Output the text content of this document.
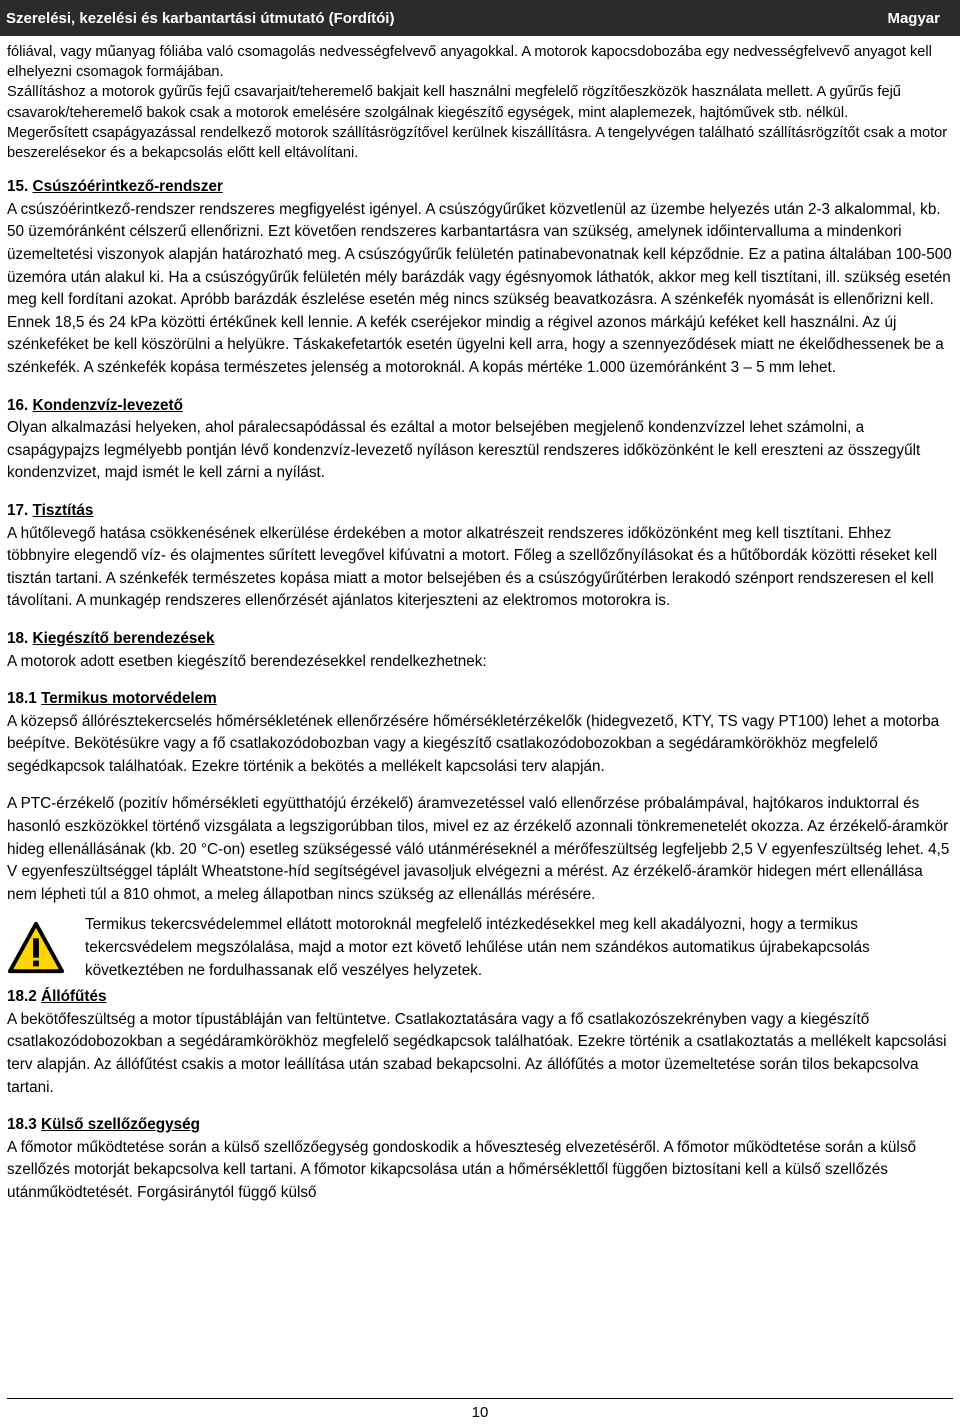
Szerelési, kezelési és karbantartási útmutató (Fordítói)	Magyar
fóliával, vagy műanyag fóliába való csomagolás nedvességfelvevő anyagokkal. A motorok kapocsdobozába egy nedvességfelvevő anyagot kell elhelyezni csomagok formájában.
Szállításhoz a motorok gyűrűs fejű csavarjait/teheremelő bakjait kell használni megfelelő rögzítőeszközök használata mellett. A gyűrűs fejű csavarok/teheremelő bakok csak a motorok emelésére szolgálnak kiegészítő egységek, mint alaplemezek, hajtóművek stb. nélkül.
Megerősített csapágyazással rendelkező motorok szállításrögzítővel kerülnek kiszállításra. A tengelyvégen található szállításrögzítőt csak a motor beszerelésekor és a bekapcsolás előtt kell eltávolítani.
15. Csúszóérintkező-rendszer
A csúszóérintkező-rendszer rendszeres megfigyelést igényel. A csúszógyűrűket közvetlenül az üzembe helyezés után 2-3 alkalommal, kb. 50 üzemóránként célszerű ellenőrizni. Ezt követően rendszeres karbantartásra van szükség, amelynek időintervalluma a mindenkori üzemeltetési viszonyok alapján határozható meg. A csúszógyűrűk felületén patinabevonatnak kell képződnie. Ez a patina általában 100-500 üzemóra után alakul ki. Ha a csúszógyűrűk felületén mély barázdák vagy égésnyomok láthatók, akkor meg kell tisztítani, ill. szükség esetén meg kell fordítani azokat. Apróbb barázdák észlelése esetén még nincs szükség beavatkozásra. A szénkefék nyomását is ellenőrizni kell. Ennek 18,5 és 24 kPa közötti értékűnek kell lennie. A kefék cseréjekor mindig a régivel azonos márkájú keféket kell használni. Az új szénkeféket be kell köszörülni a helyükre. Táskakefetartók esetén ügyelni kell arra, hogy a szennyeződések miatt ne ékelődhessenek be a szénkefék. A szénkefék kopása természetes jelenség a motoroknál. A kopás mértéke 1.000 üzemóránként 3 – 5 mm lehet.
16. Kondenzvíz-levezető
Olyan alkalmazási helyeken, ahol páralecsapódással és ezáltal a motor belsejében megjelenő kondenzvízzel lehet számolni, a csapágypajzs legmélyebb pontján lévő kondenzvíz-levezető nyíláson keresztül rendszeres időközönként le kell ereszteni az összegyűlt kondenzvizet, majd ismét le kell zárni a nyílást.
17. Tisztítás
A hűtőlevegő hatása csökkenésének elkerülése érdekében a motor alkatrészeit rendszeres időközönként meg kell tisztítani. Ehhez többnyire elegendő víz- és olajmentes sűrített levegővel kifúvatni a motort. Főleg a szellőzőnyílásokat és a hűtőbordák közötti réseket kell tisztán tartani. A szénkefék természetes kopása miatt a motor belsejében és a csúszógyűrűtérben lerakodó szénport rendszeresen el kell távolítani. A munkagép rendszeres ellenőrzését ajánlatos kiterjeszteni az elektromos motorokra is.
18. Kiegészítő berendezések
A motorok adott esetben kiegészítő berendezésekkel rendelkezhetnek:
18.1 Termikus motorvédelem
A közepső állórésztekercselés hőmérsékletének ellenőrzésére hőmérsékletérzékelők (hidegvezető, KTY, TS vagy PT100) lehet a motorba beépítve. Bekötésükre vagy a fő csatlakozódobozban vagy a kiegészítő csatlakozódobozokban a segédáramkörökhöz megfelelő segédkapcsok találhatóak. Ezekre történik a bekötés a mellékelt kapcsolási terv alapján.
A PTC-érzékelő (pozitív hőmérsékleti együtthatójú érzékelő) áramvezetéssel való ellenőrzése próbalámpával, hajtókaros induktorral és hasonló eszközökkel történő vizsgálata a legszigorúbban tilos, mivel ez az érzékelő azonnali tönkremenetelét okozza. Az érzékelő-áramkör hideg ellenállásának (kb. 20 °C-on) esetleg szükségessé váló utánméréseknél a mérőfeszültség legfeljebb 2,5 V egyenfeszültség lehet. 4,5 V egyenfeszültséggel táplált Wheatstone-híd segítségével javasoljuk elvégezni a mérést. Az érzékelő-áramkör hidegen mért ellenállása nem lépheti túl a 810 ohmot, a meleg állapotban nincs szükség az ellenállás mérésére.
Termikus tekercsvédelemmel ellátott motoroknál megfelelő intézkedésekkel meg kell akadályozni, hogy a termikus tekercsvédelem megszólalása, majd a motor ezt követő lehűlése után nem szándékos automatikus újrabekapcsolás következtében ne fordulhassanak elő veszélyes helyzetek.
18.2 Állófűtés
A bekötőfeszültség a motor típustábláján van feltüntetve. Csatlakoztatására vagy a fő csatlakozószekrényben vagy a kiegészítő csatlakozódobozokban a segédáramkörökhöz megfelelő segédkapcsok találhatóak. Ezekre történik a csatlakoztatás a mellékelt kapcsolási terv alapján. Az állófűtést csakis a motor leállítása után szabad bekapcsolni. Az állófűtés a motor üzemeltetése során tilos bekapcsolva tartani.
18.3 Külső szellőzőegység
A főmotor működtetése során a külső szellőzőegység gondoskodik a hőveszteség elvezetéséről. A főmotor működtetése során a külső szellőzés motorját bekapcsolva kell tartani. A főmotor kikapcsolása után a hőmérséklettől függően biztosítani kell a külső szellőzés utánműködtetését. Forgásiránytól függő külső
10
